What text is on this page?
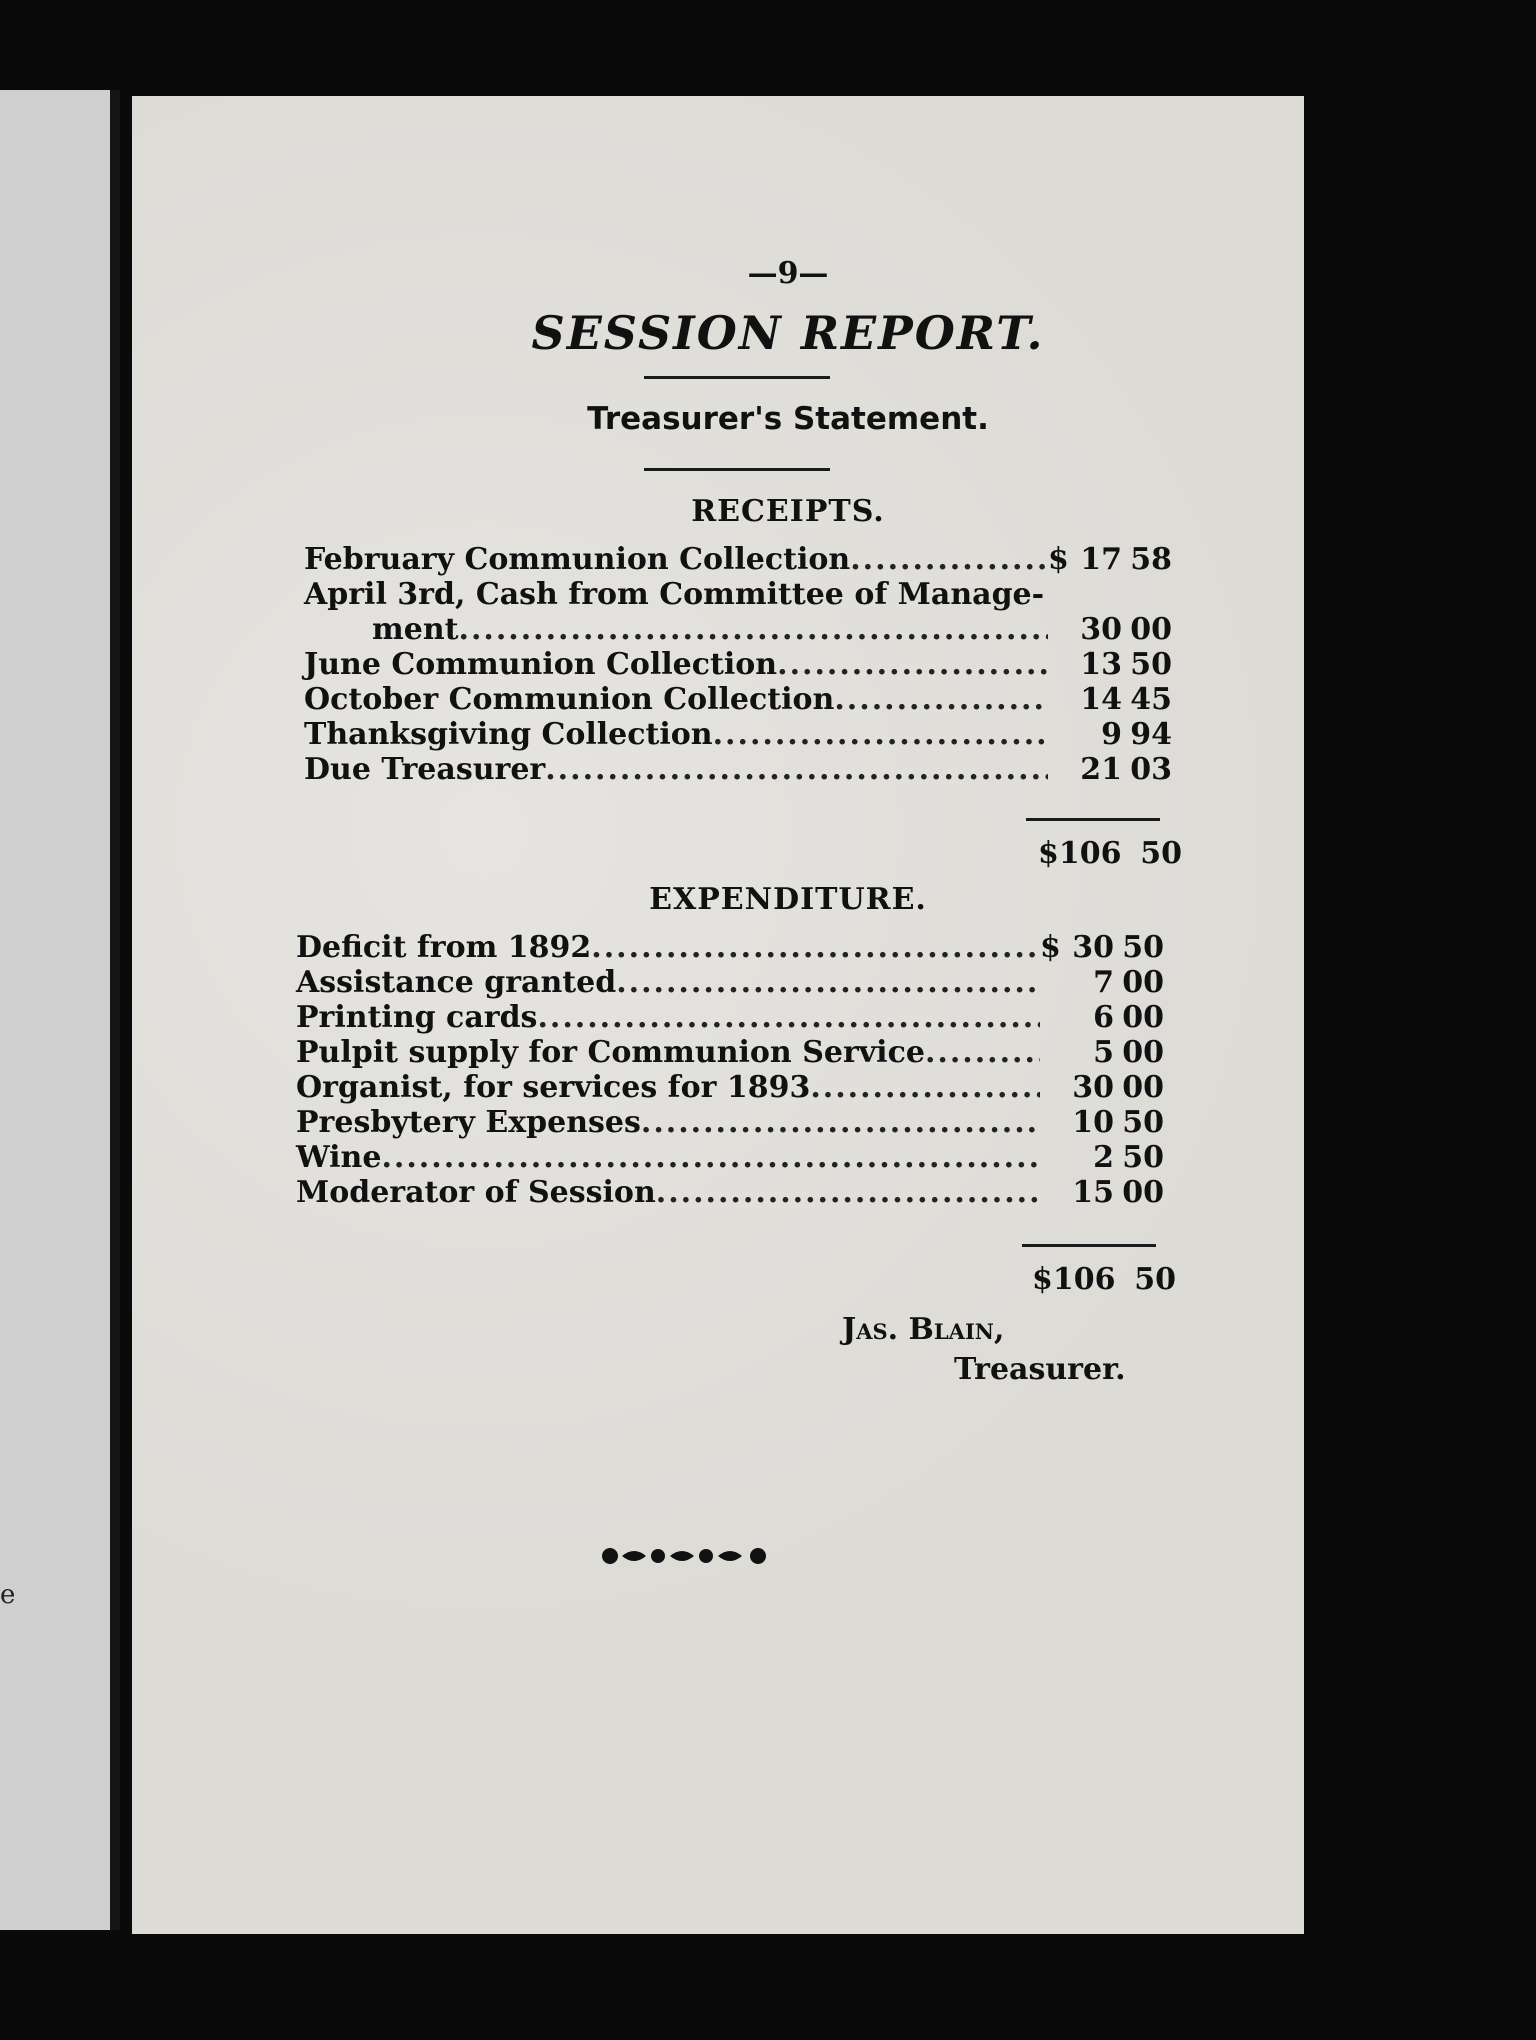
e
—9—
SESSION REPORT.
Treasurer's Statement.
RECEIPTS.
February Communion Collection .....	$ 17 58
April 3rd, Cash from Committee of Manage-
ment .....	30 00
June Communion Collection .....	13 50
October Communion Collection .....	14 45
Thanksgiving Collection .....	9 94
Due Treasurer .....	21 03
$106 50
EXPENDITURE.
Deficit from 1892 .....	$ 30 50
Assistance granted .....	7 00
Printing cards .....	6 00
Pulpit supply for Communion Service .....	5 00
Organist, for services for 1893 .....	30 00
Presbytery Expenses .....	10 50
Wine .....	2 50
Moderator of Session .....	15 00
$106 50
Jas. Blain,
Treasurer.
